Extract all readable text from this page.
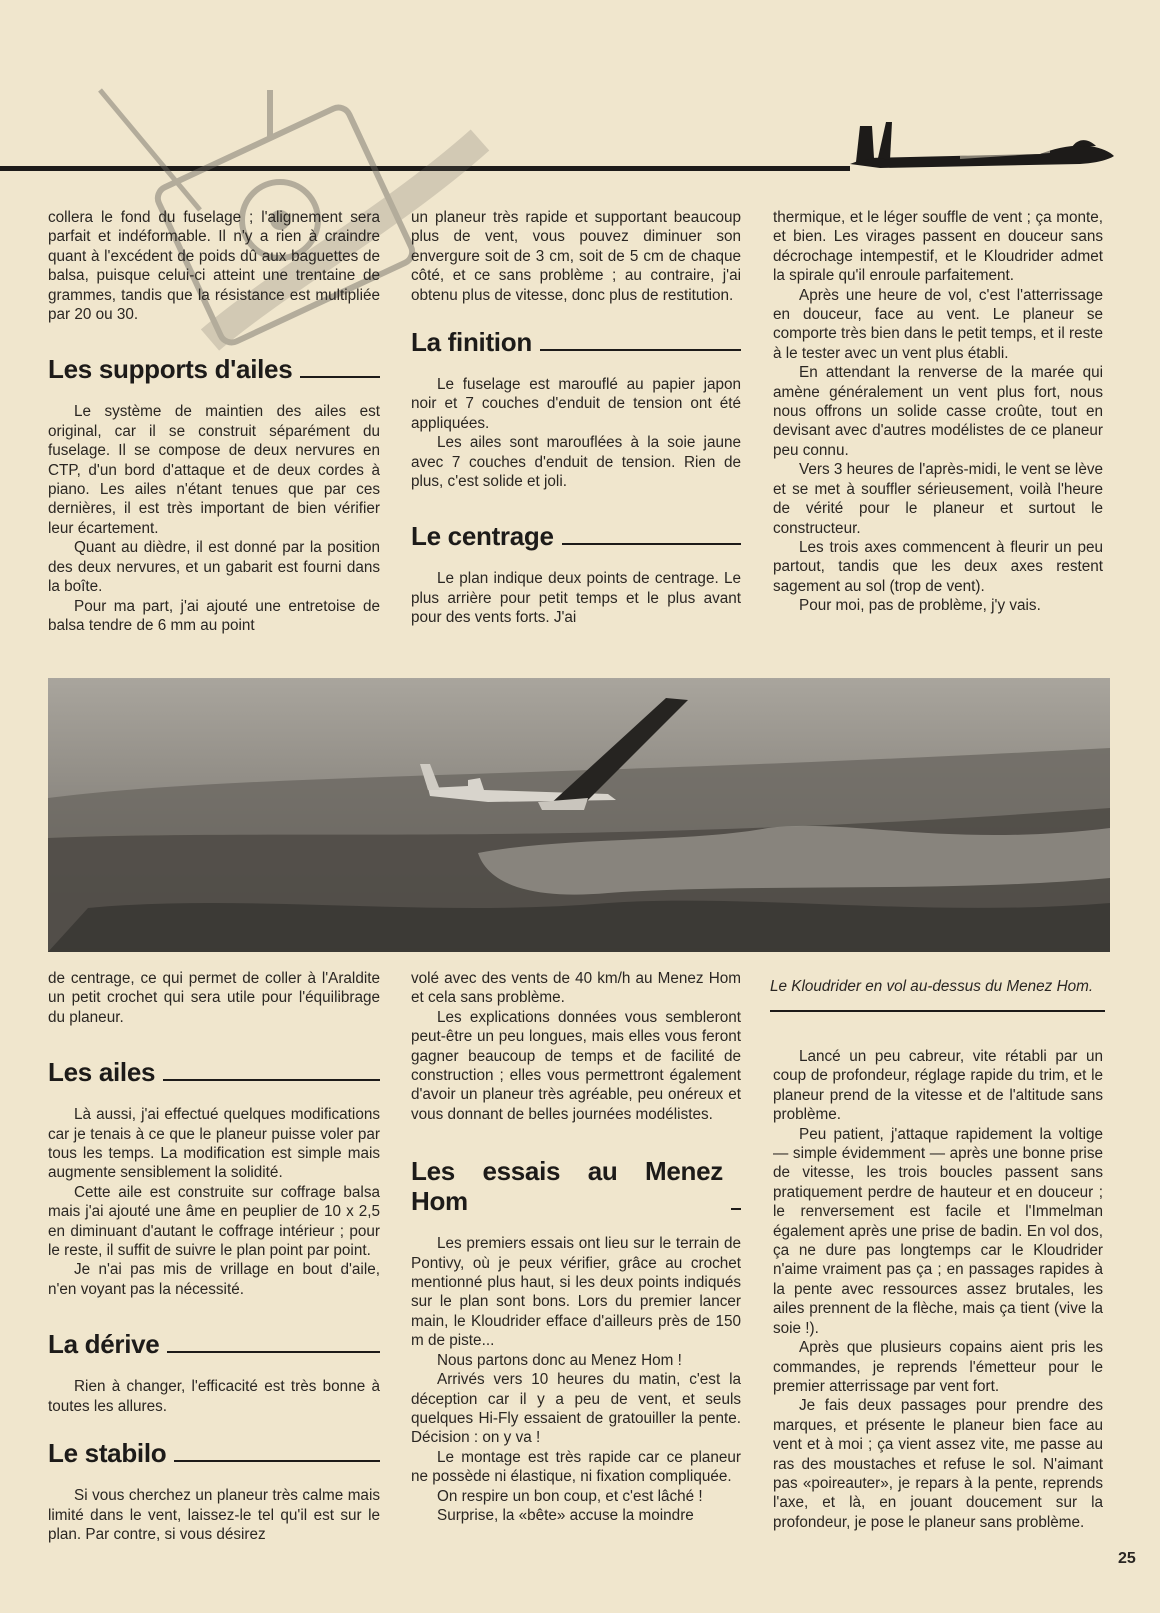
collera le fond du fuselage ; l'alignement sera parfait et indéformable. Il n'y a rien à craindre quant à l'excédent de poids dû aux baguettes de balsa, puisque celui-ci atteint une trentaine de grammes, tandis que la résistance est multipliée par 20 ou 30.

Les supports d'ailes

Le système de maintien des ailes est original, car il se construit séparément du fuselage. Il se compose de deux nervures en CTP, d'un bord d'attaque et de deux cordes à piano. Les ailes n'étant tenues que par ces dernières, il est très important de bien vérifier leur écartement.

Quant au dièdre, il est donné par la position des deux nervures, et un gabarit est fourni dans la boîte.

Pour ma part, j'ai ajouté une entretoise de balsa tendre de 6 mm au point

un planeur très rapide et supportant beaucoup plus de vent, vous pouvez diminuer son envergure soit de 3 cm, soit de 5 cm de chaque côté, et ce sans problème ; au contraire, j'ai obtenu plus de vitesse, donc plus de restitution.

La finition

Le fuselage est marouflé au papier japon noir et 7 couches d'enduit de tension ont été appliquées.

Les ailes sont marouflées à la soie jaune avec 7 couches d'enduit de tension. Rien de plus, c'est solide et joli.

Le centrage

Le plan indique deux points de centrage. Le plus arrière pour petit temps et le plus avant pour des vents forts. J'ai

thermique, et le léger souffle de vent ; ça monte, et bien. Les virages passent en douceur sans décrochage intempestif, et le Kloudrider admet la spirale qu'il enroule parfaitement.

Après une heure de vol, c'est l'atterrissage en douceur, face au vent. Le planeur se comporte très bien dans le petit temps, et il reste à le tester avec un vent plus établi.

En attendant la renverse de la marée qui amène généralement un vent plus fort, nous nous offrons un solide casse croûte, tout en devisant avec d'autres modélistes de ce planeur peu connu.

Vers 3 heures de l'après-midi, le vent se lève et se met à souffler sérieusement, voilà l'heure de vérité pour le planeur et surtout le constructeur.

Les trois axes commencent à fleurir un peu partout, tandis que les deux axes restent sagement au sol (trop de vent).

Pour moi, pas de problème, j'y vais.

Le Kloudrider en vol au-dessus du Menez Hom.

de centrage, ce qui permet de coller à l'Araldite un petit crochet qui sera utile pour l'équilibrage du planeur.

Les ailes

Là aussi, j'ai effectué quelques modifications car je tenais à ce que le planeur puisse voler par tous les temps. La modification est simple mais augmente sensiblement la solidité.

Cette aile est construite sur coffrage balsa mais j'ai ajouté une âme en peuplier de 10 x 2,5 en diminuant d'autant le coffrage intérieur ; pour le reste, il suffit de suivre le plan point par point.

Je n'ai pas mis de vrillage en bout d'aile, n'en voyant pas la nécessité.

La dérive

Rien à changer, l'efficacité est très bonne à toutes les allures.

Le stabilo

Si vous cherchez un planeur très calme mais limité dans le vent, laissez-le tel qu'il est sur le plan. Par contre, si vous désirez

volé avec des vents de 40 km/h au Menez Hom et cela sans problème.

Les explications données vous sembleront peut-être un peu longues, mais elles vous feront gagner beaucoup de temps et de facilité de construction ; elles vous permettront également d'avoir un planeur très agréable, peu onéreux et vous donnant de belles journées modélistes.

Les essais au Menez Hom

Les premiers essais ont lieu sur le terrain de Pontivy, où je peux vérifier, grâce au crochet mentionné plus haut, si les deux points indiqués sur le plan sont bons. Lors du premier lancer main, le Kloudrider efface d'ailleurs près de 150 m de piste...

Nous partons donc au Menez Hom !

Arrivés vers 10 heures du matin, c'est la déception car il y a peu de vent, et seuls quelques Hi-Fly essaient de gratouiller la pente. Décision : on y va !

Le montage est très rapide car ce planeur ne possède ni élastique, ni fixation compliquée.

On respire un bon coup, et c'est lâché !

Surprise, la «bête» accuse la moindre

Lancé un peu cabreur, vite rétabli par un coup de profondeur, réglage rapide du trim, et le planeur prend de la vitesse et de l'altitude sans problème.

Peu patient, j'attaque rapidement la voltige — simple évidemment — après une bonne prise de vitesse, les trois boucles passent sans pratiquement perdre de hauteur et en douceur ; le renversement est facile et l'Immelman également après une prise de badin. En vol dos, ça ne dure pas longtemps car le Kloudrider n'aime vraiment pas ça ; en passages rapides à la pente avec ressources assez brutales, les ailes prennent de la flèche, mais ça tient (vive la soie !).

Après que plusieurs copains aient pris les commandes, je reprends l'émetteur pour le premier atterrissage par vent fort.

Je fais deux passages pour prendre des marques, et présente le planeur bien face au vent et à moi ; ça vient assez vite, me passe au ras des moustaches et refuse le sol. N'aimant pas «poireauter», je repars à la pente, reprends l'axe, et là, en jouant doucement sur la profondeur, je pose le planeur sans problème.

25
